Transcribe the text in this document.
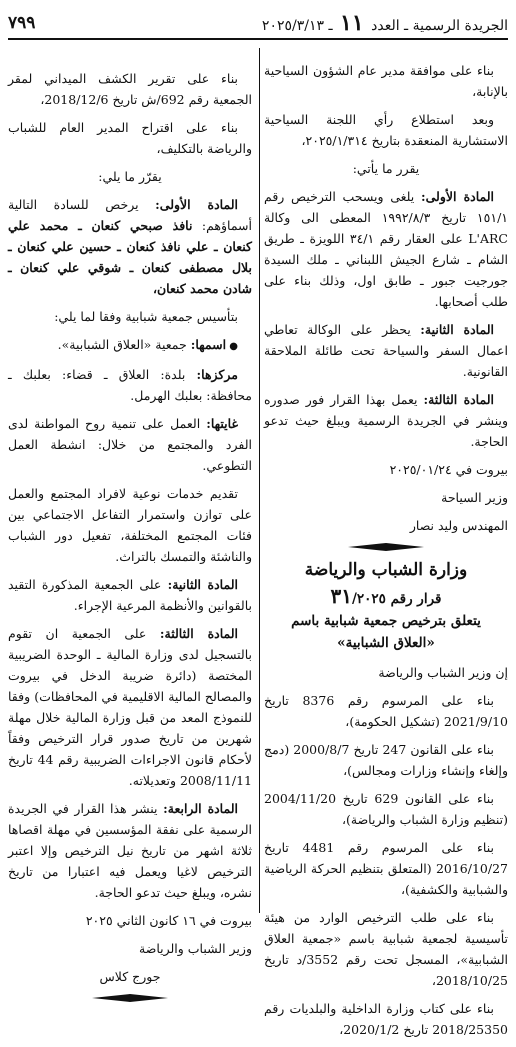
٧٩٩	الجريدة الرسمية ـ العدد ١١ ـ ٢٠٢٥/٣/١٣

بناء على موافقة مدير عام الشؤون السياحية بالإنابة،

وبعد استطلاع رأي اللجنة السياحية الاستشارية المنعقدة بتاريخ ٢٠٢٥/١/٣١٤،

يقرر ما يأتي:

المادة الأولى: يلغى ويسحب الترخيص رقم ١٥١/١ تاريخ ١٩٩٢/٨/٣ المعطى الى وكالة L'ARC على العقار رقم ٣٤/١ اللويزة ـ طريق الشام ـ شارع الجيش اللبناني ـ ملك السيدة جورجيت جبور ـ طابق اول، وذلك بناء على طلب أصحابها.

المادة الثانية: يحظر على الوكالة تعاطي اعمال السفر والسياحة تحت طائلة الملاحقة القانونية.

المادة الثالثة: يعمل بهذا القرار فور صدوره وينشر في الجريدة الرسمية ويبلغ حيث تدعو الحاجة.

بيروت في ٢٠٢٥/٠١/٢٤

وزير السياحة

المهندس وليد نصار

وزارة الشباب والرياضة

قرار رقم ٣١/٢٠٢٥

يتعلق بترخيص جمعية شبابية باسم

«العلاق الشبابية»

إن وزير الشباب والرياضة

بناء على المرسوم رقم 8376 تاريخ 2021/9/10 (تشكيل الحكومة)،

بناء على القانون 247 تاريخ 2000/8/7 (دمج وإلغاء وإنشاء وزارات ومجالس)،

بناء على القانون 629 تاريخ 2004/11/20 (تنظيم وزارة الشباب والرياضة)،

بناء على المرسوم رقم 4481 تاريخ 2016/10/27 (المتعلق بتنظيم الحركة الرياضية والشبابية والكشفية)،

بناء على طلب الترخيص الوارد من هيئة تأسيسية لجمعية شبابية باسم «جمعية العلاق الشبابية»، المسجل تحت رقم 3552/د تاريخ 2018/10/25،

بناء على كتاب وزارة الداخلية والبلديات رقم 2018/25350 تاريخ 2020/1/2،

بناء على تقرير الكشف الميداني لمقر الجمعية رقم 692/ش تاريخ 2018/12/6،

بناء على اقتراح المدير العام للشباب والرياضة بالتكليف،

يقرّر ما يلي:

المادة الأولى: يرخص للسادة التالية أسماؤهم: نافذ صبحي كنعان ـ محمد علي كنعان ـ علي نافذ كنعان ـ حسين علي كنعان ـ بلال مصطفى كنعان ـ شوقي علي كنعان ـ شادن محمد كنعان،

بتأسيس جمعية شبابية وفقا لما يلي:

● اسمها: جمعية «العلاق الشبابية».

مركزها: بلدة: العلاق ـ قضاء: بعلبك ـ محافظة: بعلبك الهرمل.

غايتها: العمل على تنمية روح المواطنة لدى الفرد والمجتمع من خلال: انشطة العمل التطوعي.

تقديم خدمات نوعية لافراد المجتمع والعمل على توازن واستمرار التفاعل الاجتماعي بين فئات المجتمع المختلفة، تفعيل دور الشباب والناشئة والتمسك بالتراث.

المادة الثانية: على الجمعية المذكورة التقيد بالقوانين والأنظمة المرعية الإجراء.

المادة الثالثة: على الجمعية ان تقوم بالتسجيل لدى وزارة المالية ـ الوحدة الضريبية المختصة (دائرة ضريبة الدخل في بيروت والمصالح المالية الاقليمية في المحافظات) وفقا للنموذج المعد من قبل وزارة المالية خلال مهلة شهرين من تاريخ صدور قرار الترخيص وفقاً لأحكام قانون الاجراءات الضريبية رقم 44 تاريخ 2008/11/11 وتعديلاته.

المادة الرابعة: ينشر هذا القرار في الجريدة الرسمية على نفقة المؤسسين في مهلة اقصاها ثلاثة اشهر من تاريخ نيل الترخيص وإلا اعتبر الترخيص لاغيا ويعمل فيه اعتبارا من تاريخ نشره، ويبلغ حيث تدعو الحاجة.

بيروت في ١٦ كانون الثاني ٢٠٢٥

وزير الشباب والرياضة

جورج كلاس
